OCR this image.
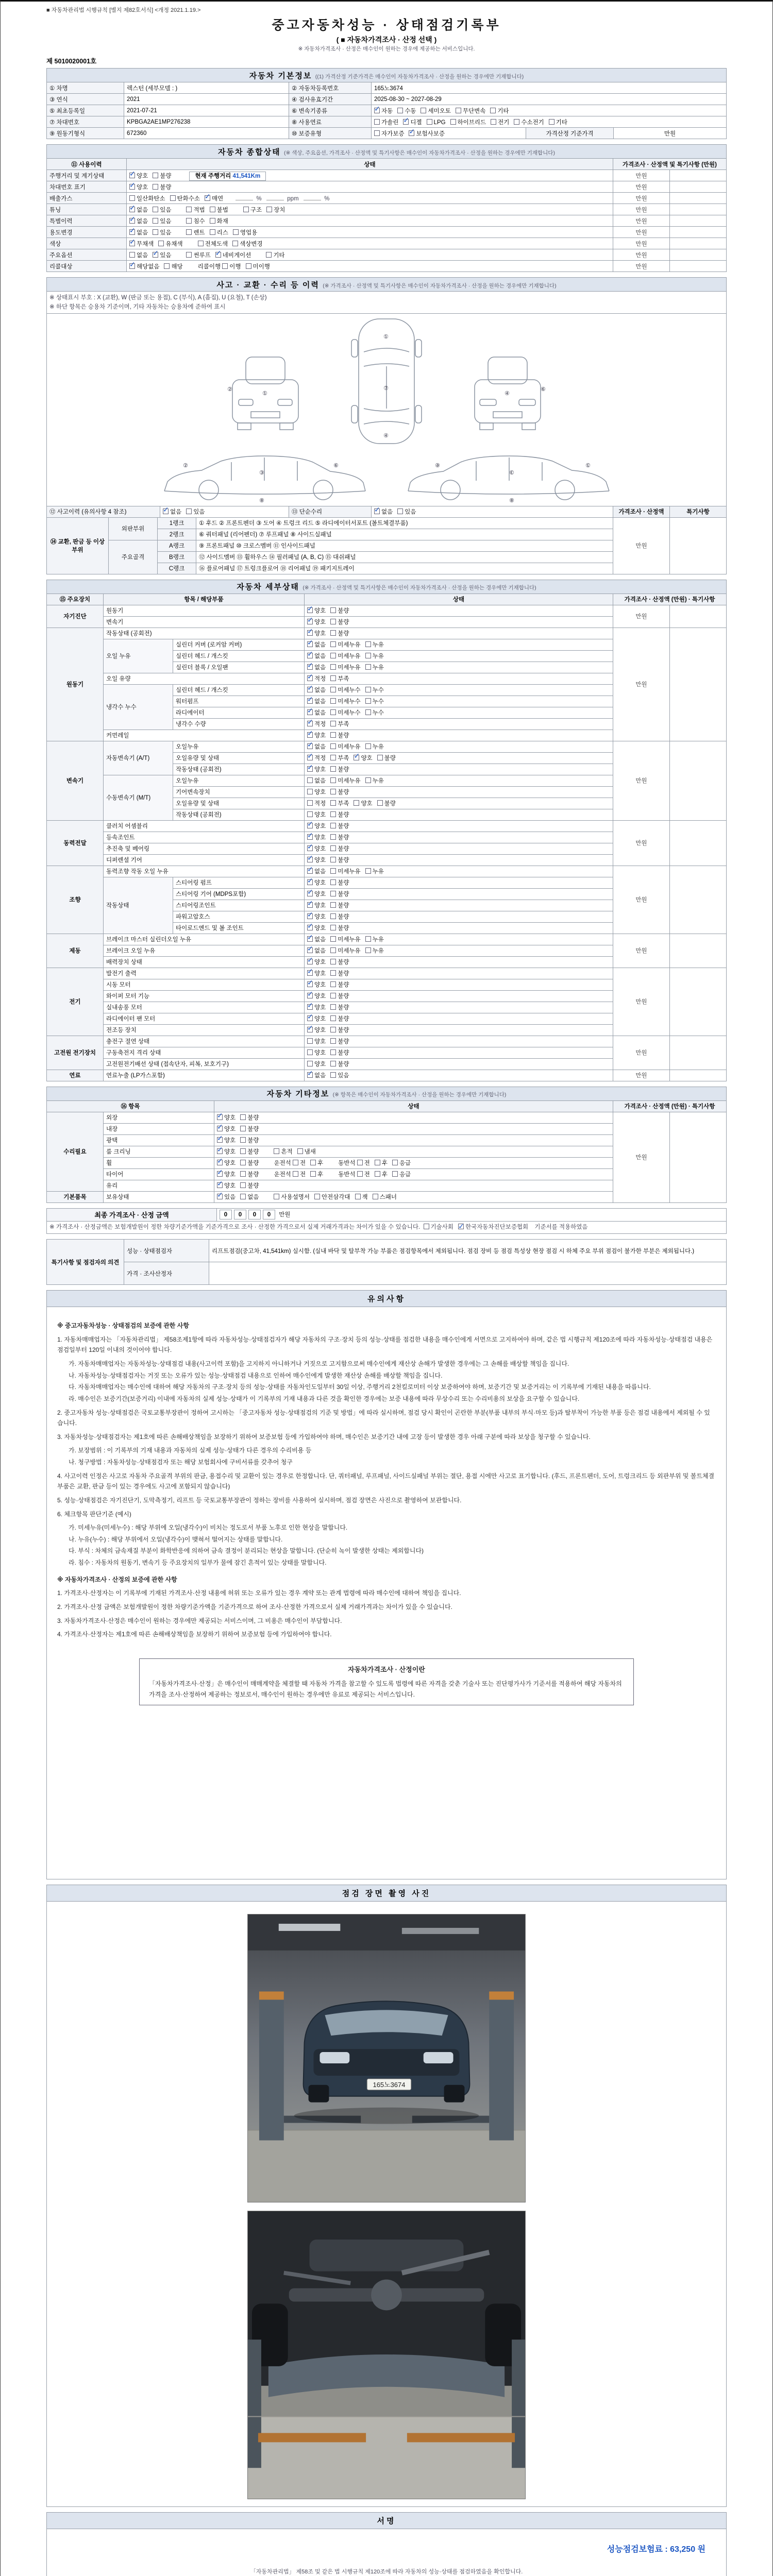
■ 자동차관리법 시행규칙 [별지 제82호서식] <개정 2021.1.19.>
중고자동차성능 · 상태점검기록부
( ■ 자동차가격조사 · 산정 선택 )
※ 자동차가격조사 · 산정은 매수인이 원하는 경우에 제공하는 서비스입니다.
제 5010020001호
자동차 기본정보 ((1) 가격산정 기준가격은 매수인이 자동차가격조사 · 산정을 원하는 경우에만 기재합니다)					
① 차명	렉스턴 (세부모델 : )	② 자동차등록번호	165노3674		
③ 연식	2021	④ 검사유효기간	2025-08-30 ~ 2027-08-29		
⑤ 최초등록일	2021-07-21	⑥ 변속기종류	✓자동 수동 세미오토 무단변속 기타
⑦ 차대번호	KPBGA2AE1MP276238	⑧ 사용연료	가솔린 ✓ 디젤 LPG 하이브리드 전기 수소전기 기타
⑨ 원동기형식	672360	⑩ 보증유형	자가보증 ✓ 보험사보증	가격산정 기준가격	만원
자동차 종합상태 (※ 색상, 주요옵션, 가격조사 · 산정액 및 특기사항은 매수인이 자동차가격조사 · 산정을 원하는 경우에만 기재합니다)			
⑪ 사용이력	상태	가격조사 · 산정액 및 특기사항 (만원)	
주행거리 및 계기상태	✓양호 불량 현재 주행거리 41,541Km	만원	
차대번호 표기	✓양호 불량	만원	
배출가스	일산화탄소 탄화수소 ✓ 매연 % ppm %	만원	
튜닝	✓없음 있음 적법 불법 구조 장치	만원	
특별이력	✓없음 있음 침수 화재	만원	
용도변경	✓없음 있음 렌트 리스 영업용	만원	
색상	✓무채색 유채색 전체도색 색상변경	만원	
주요옵션	없음 ✓ 있음 썬루프 ✓ 네비게이션 기타	만원	
리콜대상	✓해당없음 해당 리콜이행 이행 미이행	만원	
사고 · 교환 · 수리 등 이력 (※ 가격조사 · 산정액 및 특기사항은 매수인이 자동차가격조사 · 산정을 원하는 경우에만 기재합니다)
※ 상태표시 부호 : X (교환), W (판금 또는 용접), C (부식), A (흠집), U (요철), T (손상)
※ 하단 항목은 승용차 기준이며, 기타 자동차는 승용차에 준하여 표시

①
②
①
⑦
④
④
⑥
③
⑧
②	⑥
③
⑧
②
⑥

⑫ 사고이력 (유의사항 4 참조)	✓없음 있음	⑬ 단순수리	✓없음 있음	가격조사 · 산정액	특기사항
⑭ 교환, 판금 등 이상 부위	외판부위	1랭크	① 후드 ② 프론트펜더 ③ 도어 ④ 트렁크 리드 ⑤ 라디에이터서포트 (볼트체결부품)	만원	
		2랭크	⑥ 쿼터패널 (리어펜더) ⑦ 루프패널 ⑧ 사이드실패널		
	주요골격	A랭크	⑨ 프론트패널 ⑩ 크로스멤버 ⑪ 인사이드패널		
		B랭크	⑫ 사이드멤버 ⑬ 휠하우스 ⑭ 필러패널 (A, B, C) ⑮ 대쉬패널		
		C랭크	⑯ 플로어패널 ⑰ 트렁크플로어 ⑱ 리어패널 ⑲ 패키지트레이		
자동차 세부상태 (※ 가격조사 · 산정액 및 특기사항은 매수인이 자동차가격조사 · 산정을 원하는 경우에만 기재합니다)					
⑮ 주요장치	항목 / 해당부품		상태	가격조사 · 산정액 (만원) · 특기사항	
자기진단	원동기	✓양호 불량	만원	
	변속기	✓양호 불량
원동기	작동상태 (공회전)	✓양호 불량	만원	
	오일 누유	실린더 커버 (로커암 커버)	✓없음 미세누유 누유
		실린더 헤드 / 개스킷	✓없음 미세누유 누유
		실린더 블록 / 오일팬	✓없음 미세누유 누유
	오일 유량	✓적정 부족
	냉각수 누수	실린더 헤드 / 개스킷	✓없음 미세누수 누수
		워터펌프	✓없음 미세누수 누수
		라디에이터	✓없음 미세누수 누수
		냉각수 수량	✓적정 부족
	커먼레일	✓양호 불량
변속기	자동변속기 (A/T)	오일누유	✓없음 미세누유 누유	만원	
		오일유량 및 상태	✓적정 부족 ✓ 양호 불량
		작동상태 (공회전)	✓양호 불량
	수동변속기 (M/T)	오일누유	없음 미세누유 누유		
		기어변속장치	양호 불량		
		오일유량 및 상태	적정 부족 양호 불량		
		작동상태 (공회전)	양호 불량		
동력전달	클러치 어셈블리	✓양호 불량	만원	
	등속조인트	✓양호 불량
	추진축 및 베어링	✓양호 불량
	디퍼렌셜 기어	✓양호 불량
조향	동력조향 작동 오일 누유	✓없음 미세누유 누유	만원	
	작동상태	스티어링 펌프	✓양호 불량
		스티어링 기어 (MDPS포함)	✓양호 불량
		스티어링조인트	✓양호 불량
		파워고압호스	✓양호 불량
		타이로드엔드 및 볼 조인트	✓양호 불량
제동	브레이크 마스터 실린더오일 누유	✓없음 미세누유 누유	만원	
	브레이크 오일 누유	✓없음 미세누유 누유
	배력장치 상태	✓양호 불량
전기	발전기 출력	✓양호 불량	만원	
	시동 모터	✓양호 불량
	와이퍼 모터 기능	✓양호 불량
	실내송풍 모터	✓양호 불량
	라디에이터 팬 모터	✓양호 불량
	전조등 장치	✓양호 불량
고전원 전기장치	충전구 절연 상태		양호 불량	만원	
	구동축전지 격리 상태		양호 불량		
	고전원전기배선 상태 (접속단자, 피복, 보호기구)		양호 불량		
연료	연료누출 (LP가스포함)	✓없음 있음	만원	
자동차 기타정보 (※ 항목은 매수인이 자동차가격조사 · 산정을 원하는 경우에만 기재합니다)				
⑯ 항목		상태	가격조사 · 산정액 (만원) · 특기사항	
수리필요	외장	✓양호 불량	만원	
	내장	✓양호 불량
	광택	✓양호 불량
	룸 크리닝	✓양호 불량 흔적 냄새
	휠	✓양호 불량 운전석 전 후 동반석 전 후 응급
	타이어	✓양호 불량 운전석 전 후 동반석 전 후 응급
	유리	✓양호 불량
기본품목	보유상태	✓있음 없음 사용설명서 안전삼각대 잭 스패너
최종 가격조사 · 산정 금액	0 0 0 0 만원
※ 가격조사 · 산정금액은 보험개발원이 정한 차량기준가액을 기준가격으로 조사 · 산정한 가격으로서 실제 거래가격과는 차이가 있을 수 있습니다.  기술사회 ✓ 한국자동차진단보증협회 기준서를 적용하였음
특기사항 및 점검자의 의견	성능 · 상태점검자	리프트점검(중고차, 41,541km) 실시함. (실내 바닥 및 탈부착 가능 부품은 점검항목에서 제외됩니다. 점검 장비 등 점검 특성상 현장 점검 시 하체 주요 부위 점검이 불가한 부분은 제외됩니다.)
	가격 · 조사산정자	
유의사항
※ 중고자동차성능 · 상태점검의 보증에 관한 사항
1. 자동차매매업자는 「자동차관리법」 제58조제1항에 따라 자동차성능·상태점검자가 해당 자동차의 구조·장치 등의 성능·상태를 점검한 내용을 매수인에게 서면으로 고지하여야 하며, 같은 법 시행규칙 제120조에 따라 자동차성능·상태점검 내용은 점검일부터 120일 이내의 것이어야 합니다.
가. 자동차매매업자는 자동차성능·상태점검 내용(사고이력 포함)을 고지하지 아니하거나 거짓으로 고지함으로써 매수인에게 재산상 손해가 발생한 경우에는 그 손해를 배상할 책임을 집니다.
나. 자동차성능·상태점검자는 거짓 또는 오류가 있는 성능·상태점검 내용으로 인하여 매수인에게 발생한 재산상 손해를 배상할 책임을 집니다.
다. 자동차매매업자는 매수인에 대하여 해당 자동차의 구조·장치 등의 성능·상태를 자동차인도일부터 30일 이상, 주행거리 2천킬로미터 이상 보증하여야 하며, 보증기간 및 보증거리는 이 기록부에 기재된 내용을 따릅니다.
라. 매수인은 보증기간(보증거리) 이내에 자동차의 실제 성능·상태가 이 기록부의 기재 내용과 다른 것을 확인한 경우에는 보증 내용에 따라 무상수리 또는 수리비용의 보상을 요구할 수 있습니다.
2. 중고자동차 성능·상태점검은 국토교통부장관이 정하여 고시하는 「중고자동차 성능·상태점검의 기준 및 방법」에 따라 실시하며, 점검 당시 확인이 곤란한 부분(부품 내부의 부식·마모 등)과 탈부착이 가능한 부품 등은 점검 내용에서 제외될 수 있습니다.
3. 자동차성능·상태점검자는 제1호에 따른 손해배상책임을 보장하기 위하여 보증보험 등에 가입하여야 하며, 매수인은 보증기간 내에 고장 등이 발생한 경우 아래 구분에 따라 보상을 청구할 수 있습니다.
가. 보장범위 : 이 기록부의 기재 내용과 자동차의 실제 성능·상태가 다른 경우의 수리비용 등
나. 청구방법 : 자동차성능·상태점검자 또는 해당 보험회사에 구비서류를 갖추어 청구
4. 사고이력 인정은 사고로 자동차 주요골격 부위의 판금, 용접수리 및 교환이 있는 경우로 한정합니다. 단, 쿼터패널, 루프패널, 사이드실패널 부위는 절단, 용접 시에만 사고로 표기합니다. (후드, 프론트펜더, 도어, 트렁크리드 등 외판부위 및 볼트체결부품은 교환, 판금 등이 있는 경우에도 사고에 포함되지 않습니다)
5. 성능·상태점검은 자기진단기, 도막측정기, 리프트 등 국토교통부장관이 정하는 장비를 사용하여 실시하며, 점검 장면은 사진으로 촬영하여 보관합니다.
6. 체크항목 판단기준 (예시)
가. 미세누유(미세누수) : 해당 부위에 오일(냉각수)이 비치는 정도로서 부품 노후로 인한 현상을 말합니다.
나. 누유(누수) : 해당 부위에서 오일(냉각수)이 맺혀서 떨어지는 상태를 말합니다.
다. 부식 : 차체의 금속재질 부분이 화학반응에 의하여 금속 결정이 분리되는 현상을 말합니다. (단순히 녹이 발생한 상태는 제외합니다)
라. 침수 : 자동차의 원동기, 변속기 등 주요장치의 일부가 물에 잠긴 흔적이 있는 상태를 말합니다.
※ 자동차가격조사 · 산정의 보증에 관한 사항
1. 가격조사·산정자는 이 기록부에 기재된 가격조사·산정 내용에 허위 또는 오류가 있는 경우 계약 또는 관계 법령에 따라 매수인에 대하여 책임을 집니다.
2. 가격조사·산정 금액은 보험개발원이 정한 차량기준가액을 기준가격으로 하여 조사·산정한 가격으로서 실제 거래가격과는 차이가 있을 수 있습니다.
3. 자동차가격조사·산정은 매수인이 원하는 경우에만 제공되는 서비스이며, 그 비용은 매수인이 부담합니다.
4. 가격조사·산정자는 제1호에 따른 손해배상책임을 보장하기 위하여 보증보험 등에 가입하여야 합니다.
자동차가격조사 · 산정이란
「자동차가격조사·산정」은 매수인이 매매계약을 체결할 때 자동차 가격을 참고할 수 있도록 법령에 따른 자격을 갖춘 기술사 또는 진단평가사가 기준서를 적용하여 해당 자동차의 가격을 조사·산정하여 제공하는 정보로서, 매수인이 원하는 경우에만 유료로 제공되는 서비스입니다.
점검 장면 촬영 사진
165노3674
서명
성능점검보험료 : 63,250 원
「자동차관리법」 제58조 및 같은 법 시행규칙 제120조에 따라 자동차의 성능·상태를 점검하였음을 확인합니다.
